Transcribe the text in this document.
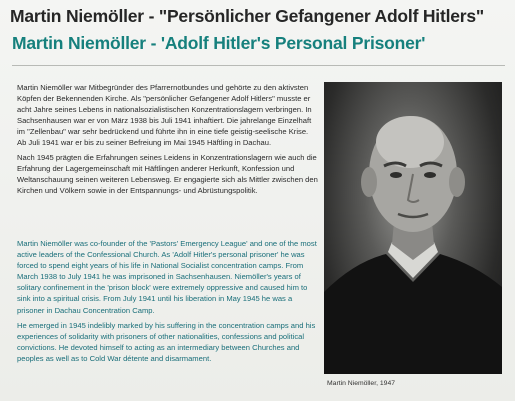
Martin Niemöller - "Persönlicher Gefangener Adolf Hitlers"
Martin Niemöller - 'Adolf Hitler's Personal Prisoner'

Martin Niemöller war Mitbegründer des Pfarrernotbundes und gehörte zu den aktivsten Köpfen der Bekennenden Kirche. Als "persönlicher Gefangener Adolf Hitlers" musste er acht Jahre seines Lebens in nationalsozialistischen Konzentrationslagern verbringen. In Sachsenhausen war er von März 1938 bis Juli 1941 inhaftiert. Die jahrelange Einzelhaft im "Zellenbau" war sehr bedrückend und führte ihn in eine tiefe geistig-seelische Krise. Ab Juli 1941 war er bis zu seiner Befreiung im Mai 1945 Häftling in Dachau.

Nach 1945 prägten die Erfahrungen seines Leidens in Konzentrationslagern wie auch die Erfahrung der Lagergemeinschaft mit Häftlingen anderer Herkunft, Konfession und Weltanschauung seinen weiteren Lebensweg. Er engagierte sich als Mittler zwischen den Kirchen und Völkern sowie in der Entspannungs- und Abrüstungspolitik.

Martin Niemöller was co-founder of the 'Pastors' Emergency League' and one of the most active leaders of the Confessional Church. As 'Adolf Hitler's personal prisoner' he was forced to spend eight years of his life in National Socialist concentration camps. From March 1938 to July 1941 he was imprisoned in Sachsenhausen. Niemöller's years of solitary confinement in the 'prison block' were extremely oppressive and caused him to sink into a spiritual crisis. From July 1941 until his liberation in May 1945 he was a prisoner in Dachau Concentration Camp.

He emerged in 1945 indelibly marked by his suffering in the concentration camps and his experiences of solidarity with prisoners of other nationalities, confessions and political convictions. He devoted himself to acting as an intermediary between Churches and peoples as well as to Cold War détente and disarmament.

Martin Niemöller, 1947
